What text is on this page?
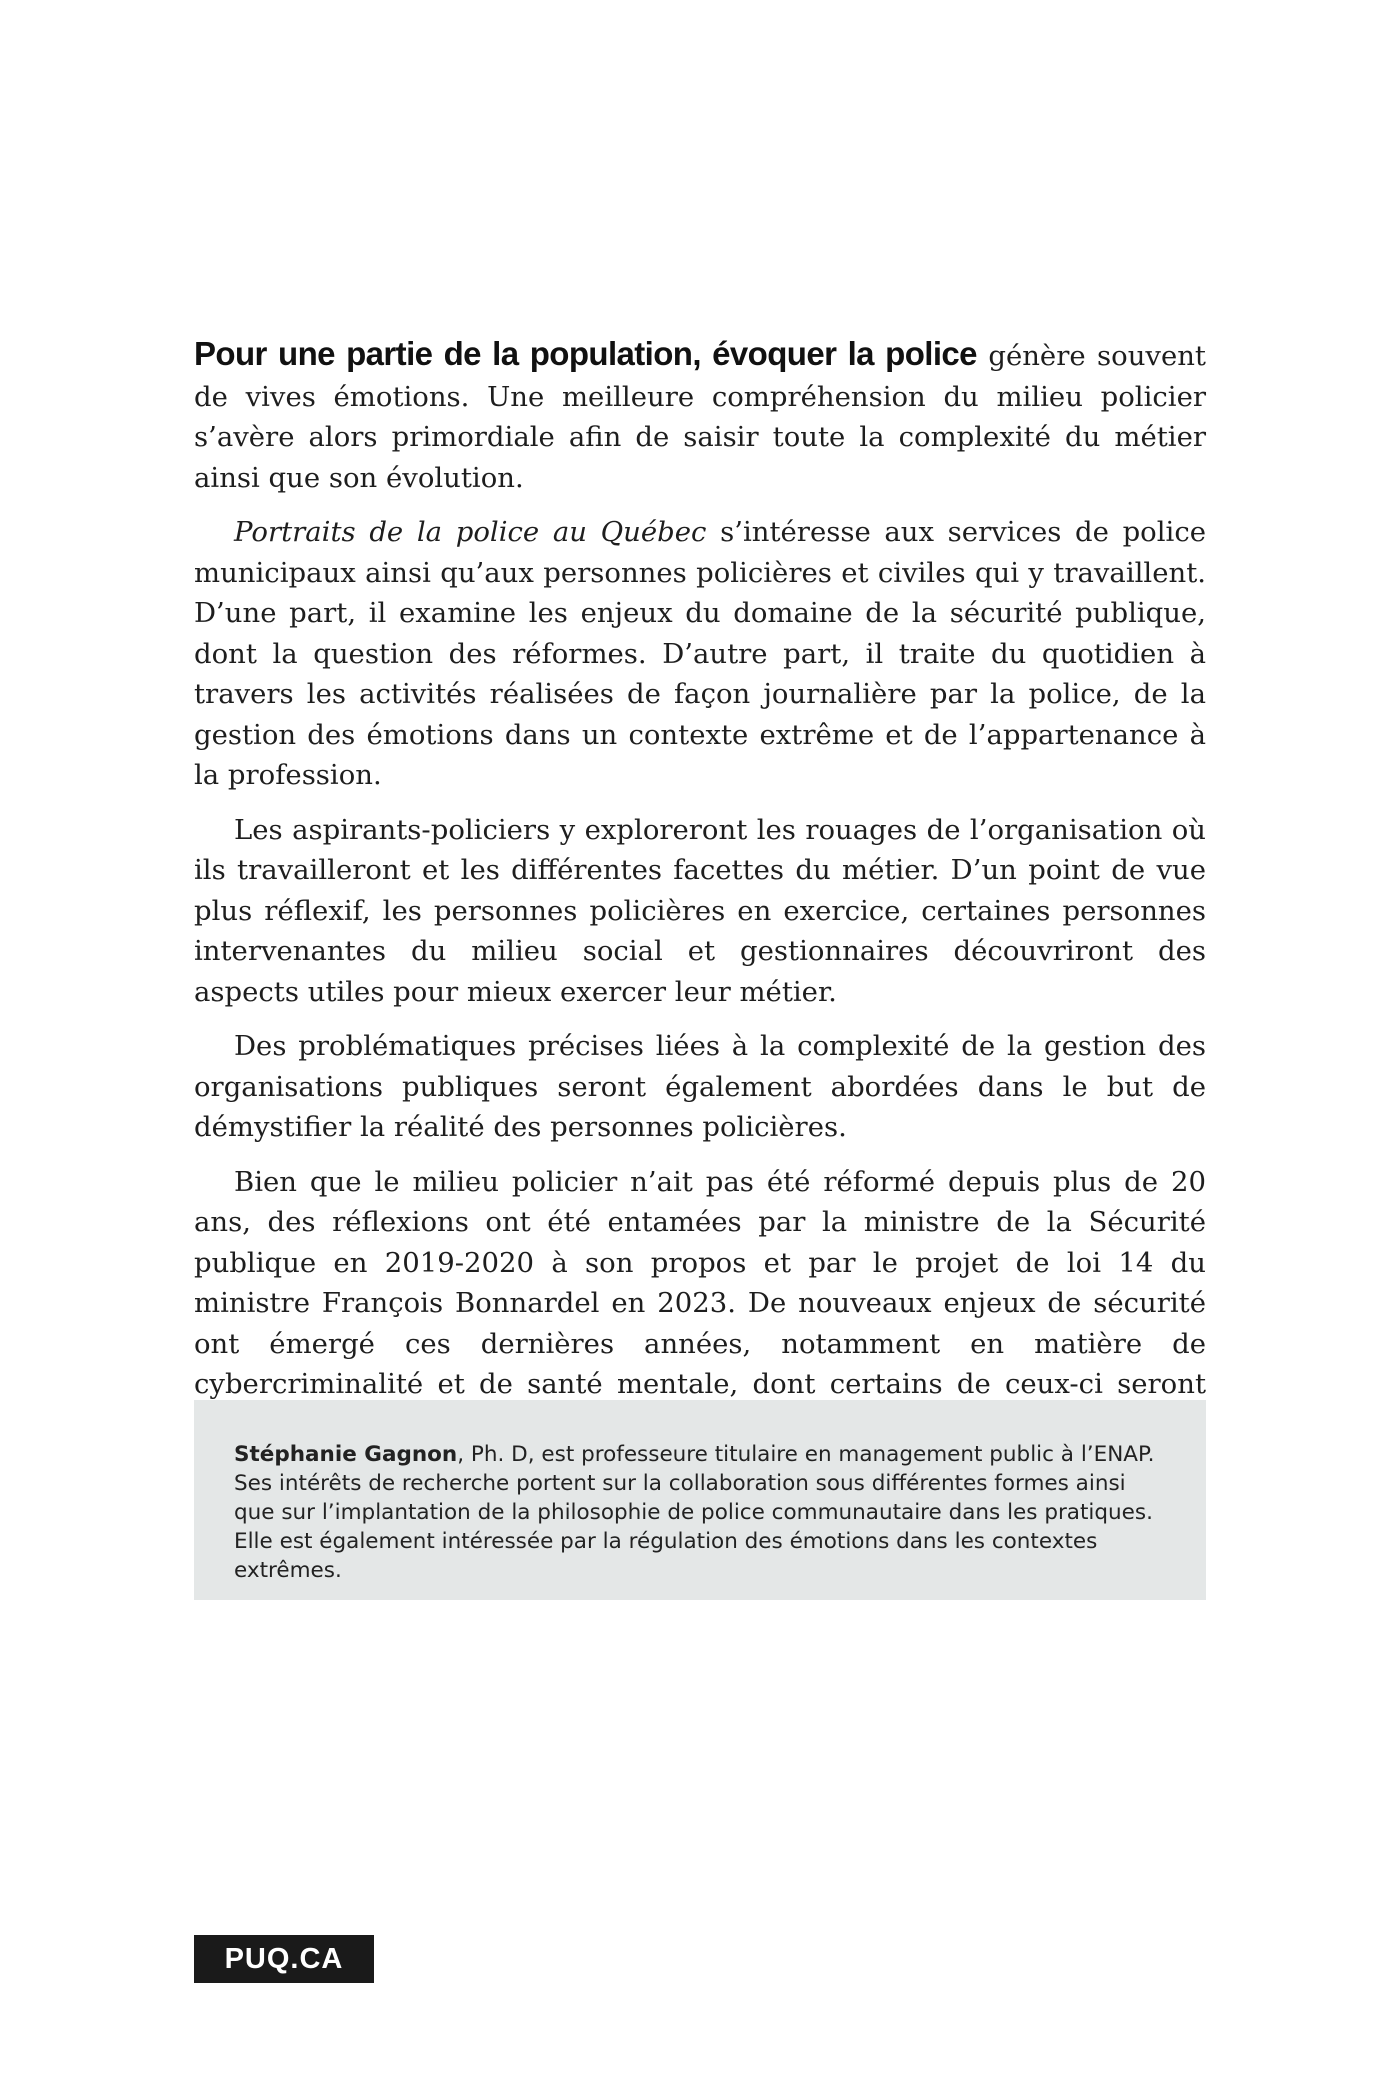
Pour une partie de la population, évoquer la police génère souvent de vives émotions. Une meilleure compréhension du milieu policier s’avère alors primordiale afin de saisir toute la complexité du métier ainsi que son évolution.

Portraits de la police au Québec s’intéresse aux services de police municipaux ainsi qu’aux personnes policières et civiles qui y travaillent. D’une part, il examine les enjeux du domaine de la sécurité publique, dont la question des réformes. D’autre part, il traite du quotidien à travers les activités réalisées de façon journalière par la police, de la gestion des émotions dans un contexte extrême et de l’appartenance à la profession.

Les aspirants-policiers y exploreront les rouages de l’organisation où ils travailleront et les différentes facettes du métier. D’un point de vue plus réflexif, les personnes policières en exercice, certaines personnes intervenantes du milieu social et gestionnaires découvriront des aspects utiles pour mieux exercer leur métier.

Des problématiques précises liées à la complexité de la gestion des organisations publiques seront également abordées dans le but de démystifier la réalité des personnes policières.

Bien que le milieu policier n’ait pas été réformé depuis plus de 20 ans, des réflexions ont été entamées par la ministre de la Sécurité publique en 2019-2020 à son propos et par le projet de loi 14 du ministre François Bonnardel en 2023. De nouveaux enjeux de sécurité ont émergé ces dernières années, notamment en matière de cybercriminalité et de santé mentale, dont certains de ceux-ci seront

Stéphanie Gagnon, Ph. D, est professeure titulaire en management public à l’ENAP. Ses intérêts de recherche portent sur la collaboration sous différentes formes ainsi que sur l’implantation de la philosophie de police communautaire dans les pratiques. Elle est également intéressée par la régulation des émotions dans les contextes extrêmes.
PUQ.CA
